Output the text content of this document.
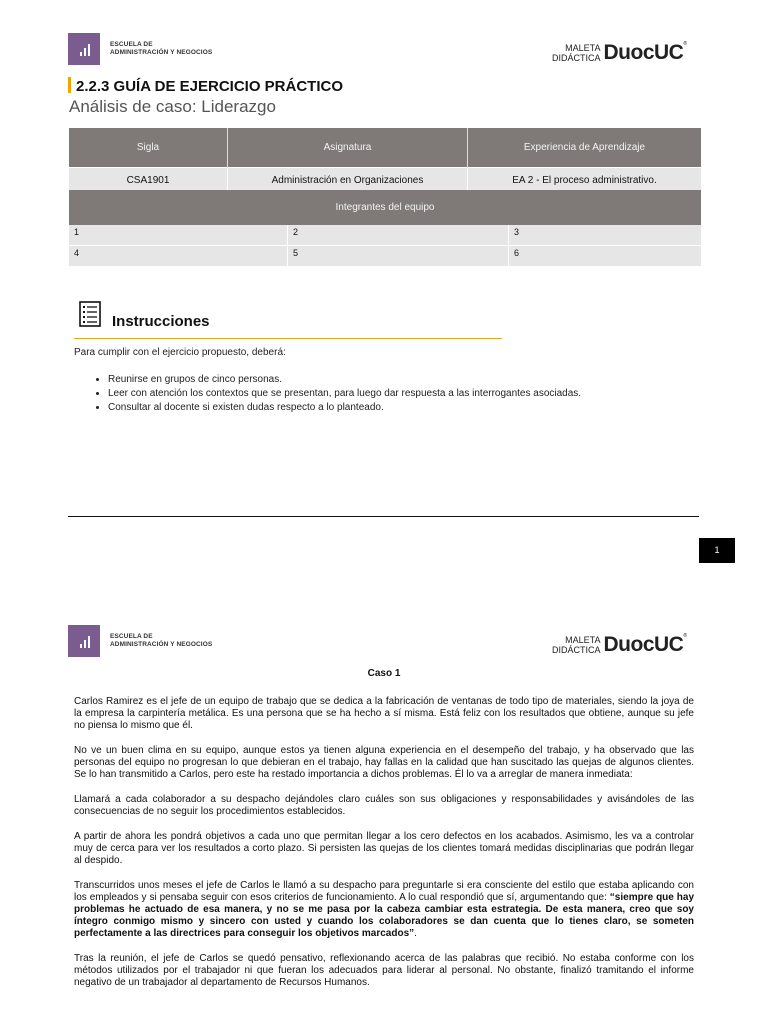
ESCUELA DE
ADMINISTRACIÓN Y NEGOCIOS	MALETA
DIDÁCTICA DuocUC®
2.2.3 GUÍA DE EJERCICIO PRÁCTICO
Análisis de caso: Liderazgo
Sigla	Asignatura	Experiencia de Aprendizaje
CSA1901	Administración en Organizaciones	EA 2 - El proceso administrativo.
Integrantes del equipo
1	2	3
4	5	6
Instrucciones
Para cumplir con el ejercicio propuesto, deberá:
• Reunirse en grupos de cinco personas.
• Leer con atención los contextos que se presentan, para luego dar respuesta a las interrogantes asociadas.
• Consultar al docente si existen dudas respecto a lo planteado.
1
ESCUELA DE
ADMINISTRACIÓN Y NEGOCIOS	MALETA
DIDÁCTICA DuocUC®
Caso 1

Carlos Ramirez es el jefe de un equipo de trabajo que se dedica a la fabricación de ventanas de todo tipo de materiales, siendo la joya de la empresa la carpintería metálica. Es una persona que se ha hecho a sí misma. Está feliz con los resultados que obtiene, aunque su jefe no piensa lo mismo que él.

No ve un buen clima en su equipo, aunque estos ya tienen alguna experiencia en el desempeño del trabajo, y ha observado que las personas del equipo no progresan lo que debieran en el trabajo, hay fallas en la calidad que han suscitado las quejas de algunos clientes. Se lo han transmitido a Carlos, pero este ha restado importancia a dichos problemas. Él lo va a arreglar de manera inmediata:

Llamará a cada colaborador a su despacho dejándoles claro cuáles son sus obligaciones y responsabilidades y avisándoles de las consecuencias de no seguir los procedimientos establecidos.

A partir de ahora les pondrá objetivos a cada uno que permitan llegar a los cero defectos en los acabados. Asimismo, les va a controlar muy de cerca para ver los resultados a corto plazo. Si persisten las quejas de los clientes tomará medidas disciplinarias que podrán llegar al despido.

Transcurridos unos meses el jefe de Carlos le llamó a su despacho para preguntarle si era consciente del estilo que estaba aplicando con los empleados y si pensaba seguir con esos criterios de funcionamiento. A lo cual respondió que sí, argumentando que: “siempre que hay problemas he actuado de esa manera, y no se me pasa por la cabeza cambiar esta estrategia. De esta manera, creo que soy íntegro conmigo mismo y sincero con usted y cuando los colaboradores se dan cuenta que lo tienes claro, se someten perfectamente a las directrices para conseguir los objetivos marcados”.

Tras la reunión, el jefe de Carlos se quedó pensativo, reflexionando acerca de las palabras que recibió. No estaba conforme con los métodos utilizados por el trabajador ni que fueran los adecuados para liderar al personal. No obstante, finalizó tramitando el informe negativo de un trabajador al departamento de Recursos Humanos.
